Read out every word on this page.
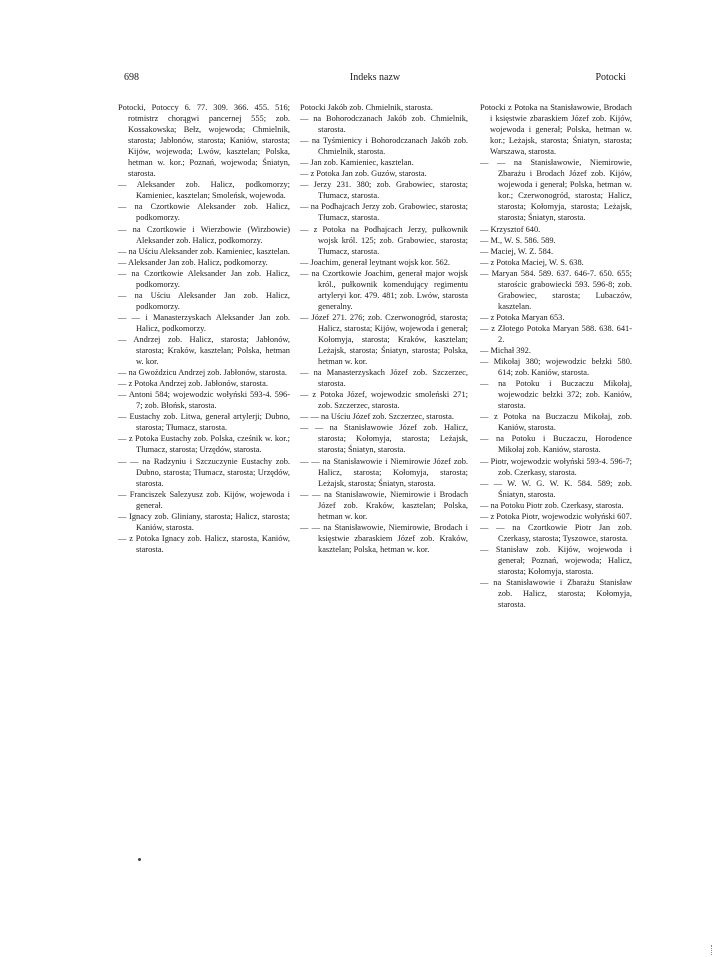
698	Indeks nazw	Potocki

Potocki, Potoccy 6. 77. 309. 366. 455. 516; rotmistrz chorągwi pancernej 555; zob. Kossakowska; Bełz, wojewoda; Chmielnik, starosta; Jabłonów, starosta; Kaniów, starosta; Kijów, wojewoda; Lwów, kasztelan; Polska, hetman w. kor.; Poznań, wojewoda; Śniatyn, starosta.

— Aleksander zob. Halicz, podkomorzy; Kamieniec, kasztelan; Smoleńsk, wojewoda.

— na Czortkowie Aleksander zob. Halicz, podkomorzy.

— na Czortkowie i Wierzbowie (Wirzbowie) Aleksander zob. Halicz, podkomorzy.

— na Uściu Aleksander zob. Kamieniec, kasztelan.

— Aleksander Jan zob. Halicz, podkomorzy.

— na Czortkowie Aleksander Jan zob. Halicz, podkomorzy.

— na Uściu Aleksander Jan zob. Halicz, podkomorzy.

— — i Manasterzyskach Aleksander Jan zob. Halicz, podkomorzy.

— Andrzej zob. Halicz, starosta; Jabłonów, starosta; Kraków, kasztelan; Polska, hetman w. kor.

— na Gwoździcu Andrzej zob. Jabłonów, starosta.

— z Potoka Andrzej zob. Jabłonów, starosta.

— Antoni 584; wojewodzic wołyński 593-4. 596-7; zob. Błońsk, starosta.

— Eustachy zob. Litwa, generał artylerji; Dubno, starosta; Tłumacz, starosta.

— z Potoka Eustachy zob. Polska, cześnik w. kor.; Tłumacz, starosta; Urzędów, starosta.

— — na Radzyniu i Szczuczynie Eustachy zob. Dubno, starosta; Tłumacz, starosta; Urzędów, starosta.

— Franciszek Salezyusz zob. Kijów, wojewoda i generał.

— Ignacy zob. Gliniany, starosta; Halicz, starosta; Kaniów, starosta.

— z Potoka Ignacy zob. Halicz, starosta, Kaniów, starosta.

Potocki Jakób zob. Chmielnik, starosta.

— na Bohorodczanach Jakób zob. Chmielnik, starosta.

— na Tyśmienicy i Bohorodczanach Jakób zob. Chmielnik, starosta.

— Jan zob. Kamieniec, kasztelan.

— z Potoka Jan zob. Guzów, starosta.

— Jerzy 231. 380; zob. Grabowiec, starosta; Tłumacz, starosta.

— na Podhajcach Jerzy zob. Grabowiec, starosta; Tłumacz, starosta.

— z Potoka na Podhajcach Jerzy, pułkownik wojsk król. 125; zob. Grabowiec, starosta; Tłumacz, starosta.

— Joachim, generał leytnant wojsk kor. 562.

— na Czortkowie Joachim, generał major wojsk król., pułkownik komendujący regimentu artyleryi kor. 479. 481; zob. Lwów, starosta generalny.

— Józef 271. 276; zob. Czerwonogród, starosta; Halicz, starosta; Kijów, wojewoda i generał; Kołomyja, starosta; Kraków, kasztelan; Leżajsk, starosta; Śniatyn, starosta; Polska, hetman w. kor.

— na Manasterzyskach Józef zob. Szczerzec, starosta.

— z Potoka Józef, wojewodzic smoleński 271; zob. Szczerzec, starosta.

— — na Uściu Józef zob. Szczerzec, starosta.

— — na Stanisławowie Józef zob. Halicz, starosta; Kołomyja, starosta; Leżajsk, starosta; Śniatyn, starosta.

— — na Stanisławowie i Niemirowie Józef zob. Halicz, starosta; Kołomyja, starosta; Leżajsk, starosta; Śniatyn, starosta.

— — na Stanisławowie, Niemirowie i Brodach Józef zob. Kraków, kasztelan; Polska, hetman w. kor.

— — na Stanisławowie, Niemirowie, Brodach i księstwie zbaraskiem Józef zob. Kraków, kasztelan; Polska, hetman w. kor.

Potocki z Potoka na Stanisławowie, Brodach i księstwie zbaraskiem Józef zob. Kijów, wojewoda i generał; Polska, hetman w. kor.; Leżajsk, starosta; Śniatyn, starosta; Warszawa, starosta.

— — na Stanisławowie, Niemirowie, Zbarażu i Brodach Józef zob. Kijów, wojewoda i generał; Polska, hetman w. kor.; Czerwonogród, starosta; Halicz, starosta; Kołomyja, starosta; Leżajsk, starosta; Śniatyn, starosta.

— Krzysztof 640.

— M., W. S. 586. 589.

— Maciej, W. Z. 584.

— z Potoka Maciej, W. S. 638.

— Maryan 584. 589. 637. 646-7. 650. 655; starościc grabowiecki 593. 596-8; zob. Grabowiec, starosta; Lubaczów, kasztelan.

— z Potoka Maryan 653.

— z Złotego Potoka Maryan 588. 638. 641-2.

— Michał 392.

— Mikołaj 380; wojewodzic bełzki 580. 614; zob. Kaniów, starosta.

— na Potoku i Buczaczu Mikołaj, wojewodzic bełzki 372; zob. Kaniów, starosta.

— z Potoka na Buczaczu Mikołaj, zob. Kaniów, starosta.

— na Potoku i Buczaczu, Horodence Mikołaj zob. Kaniów, starosta.

— Piotr, wojewodzic wołyński 593-4. 596-7; zob. Czerkasy, starosta.

— — W. W. G. W. K. 584. 589; zob. Śniatyn, starosta.

— na Potoku Piotr zob. Czerkasy, starosta.

— z Potoka Piotr, wojewodzic wołyński 607.

— — na Czortkowie Piotr Jan zob. Czerkasy, starosta; Tyszowce, starosta.

— Stanisław zob. Kijów, wojewoda i generał; Poznań, wojewoda; Halicz, starosta; Kołomyja, starosta.

— na Stanisławowie i Zbarażu Stanisław zob. Halicz, starosta; Kołomyja, starosta.
